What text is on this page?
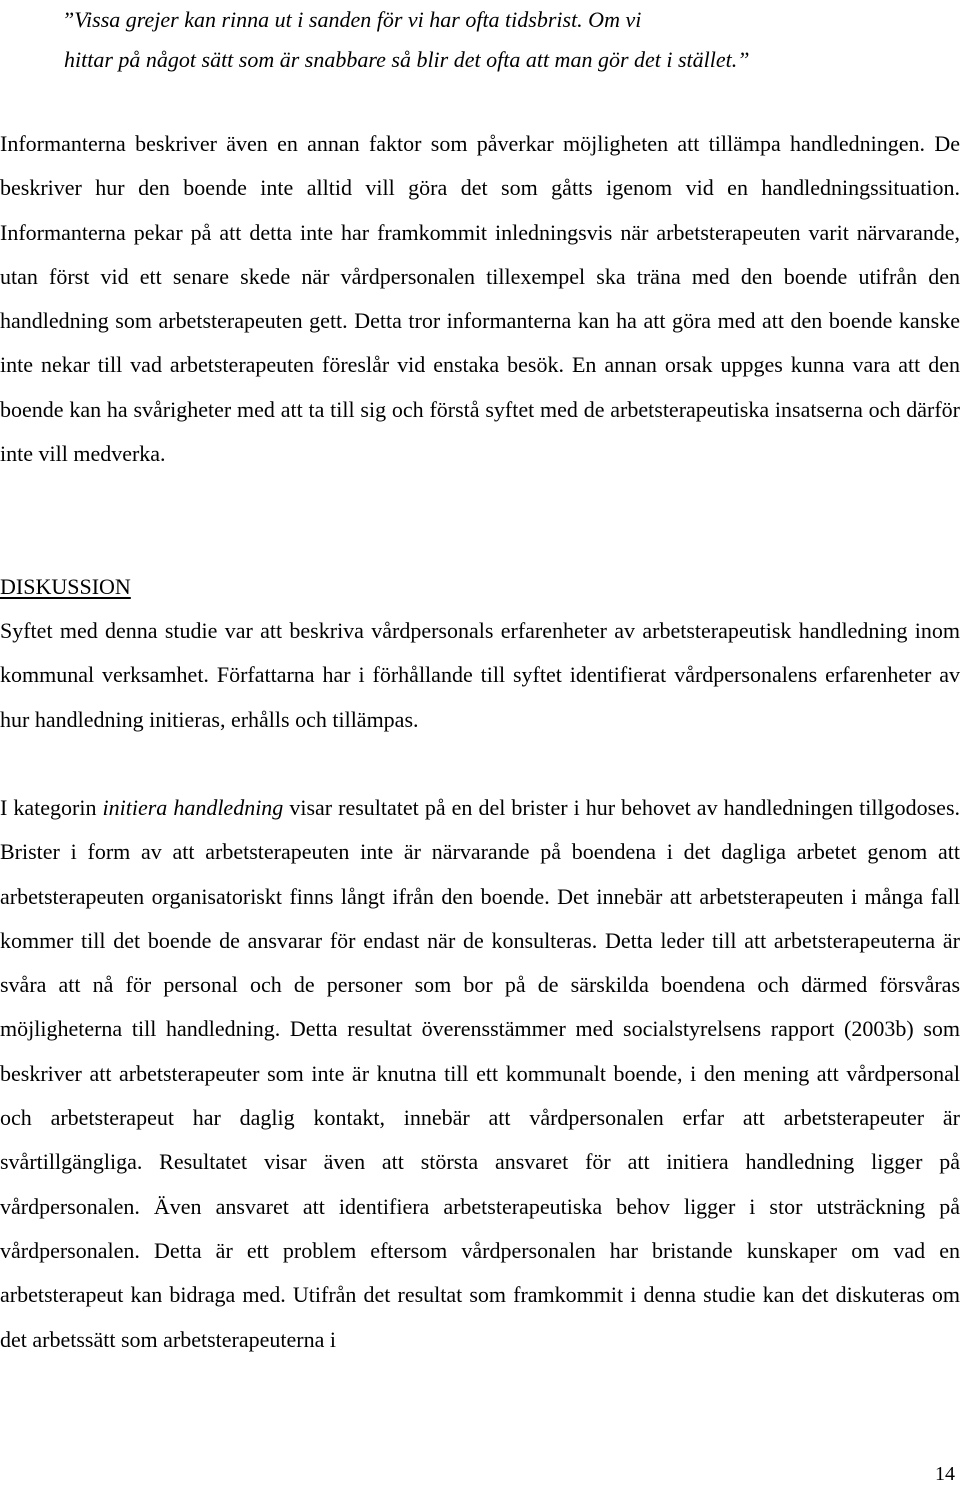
”Vissa grejer kan rinna ut i sanden för vi har ofta tidsbrist. Om vi
hittar på något sätt som är snabbare så blir det ofta att man gör det i stället.”

Informanterna beskriver även en annan faktor som påverkar möjligheten att tillämpa handledningen. De beskriver hur den boende inte alltid vill göra det som gåtts igenom vid en handledningssituation. Informanterna pekar på att detta inte har framkommit inledningsvis när arbetsterapeuten varit närvarande, utan först vid ett senare skede när vårdpersonalen tillexempel ska träna med den boende utifrån den handledning som arbetsterapeuten gett. Detta tror informanterna kan ha att göra med att den boende kanske inte nekar till vad arbetsterapeuten föreslår vid enstaka besök. En annan orsak uppges kunna vara att den boende kan ha svårigheter med att ta till sig och förstå syftet med de arbetsterapeutiska insatserna och därför inte vill medverka.

DISKUSSION

Syftet med denna studie var att beskriva vårdpersonals erfarenheter av arbetsterapeutisk handledning inom kommunal verksamhet. Författarna har i förhållande till syftet identifierat vårdpersonalens erfarenheter av hur handledning initieras, erhålls och tillämpas.

I kategorin initiera handledning visar resultatet på en del brister i hur behovet av handledningen tillgodoses. Brister i form av att arbetsterapeuten inte är närvarande på boendena i det dagliga arbetet genom att arbetsterapeuten organisatoriskt finns långt ifrån den boende. Det innebär att arbetsterapeuten i många fall kommer till det boende de ansvarar för endast när de konsulteras. Detta leder till att arbetsterapeuterna är svåra att nå för personal och de personer som bor på de särskilda boendena och därmed försvåras möjligheterna till handledning. Detta resultat överensstämmer med socialstyrelsens rapport (2003b) som beskriver att arbetsterapeuter som inte är knutna till ett kommunalt boende, i den mening att vårdpersonal och arbetsterapeut har daglig kontakt, innebär att vårdpersonalen erfar att arbetsterapeuter är svårtillgängliga. Resultatet visar även att största ansvaret för att initiera handledning ligger på vårdpersonalen. Även ansvaret att identifiera arbetsterapeutiska behov ligger i stor utsträckning på vårdpersonalen. Detta är ett problem eftersom vårdpersonalen har bristande kunskaper om vad en arbetsterapeut kan bidraga med. Utifrån det resultat som framkommit i denna studie kan det diskuteras om det arbetssätt som arbetsterapeuterna i

14
